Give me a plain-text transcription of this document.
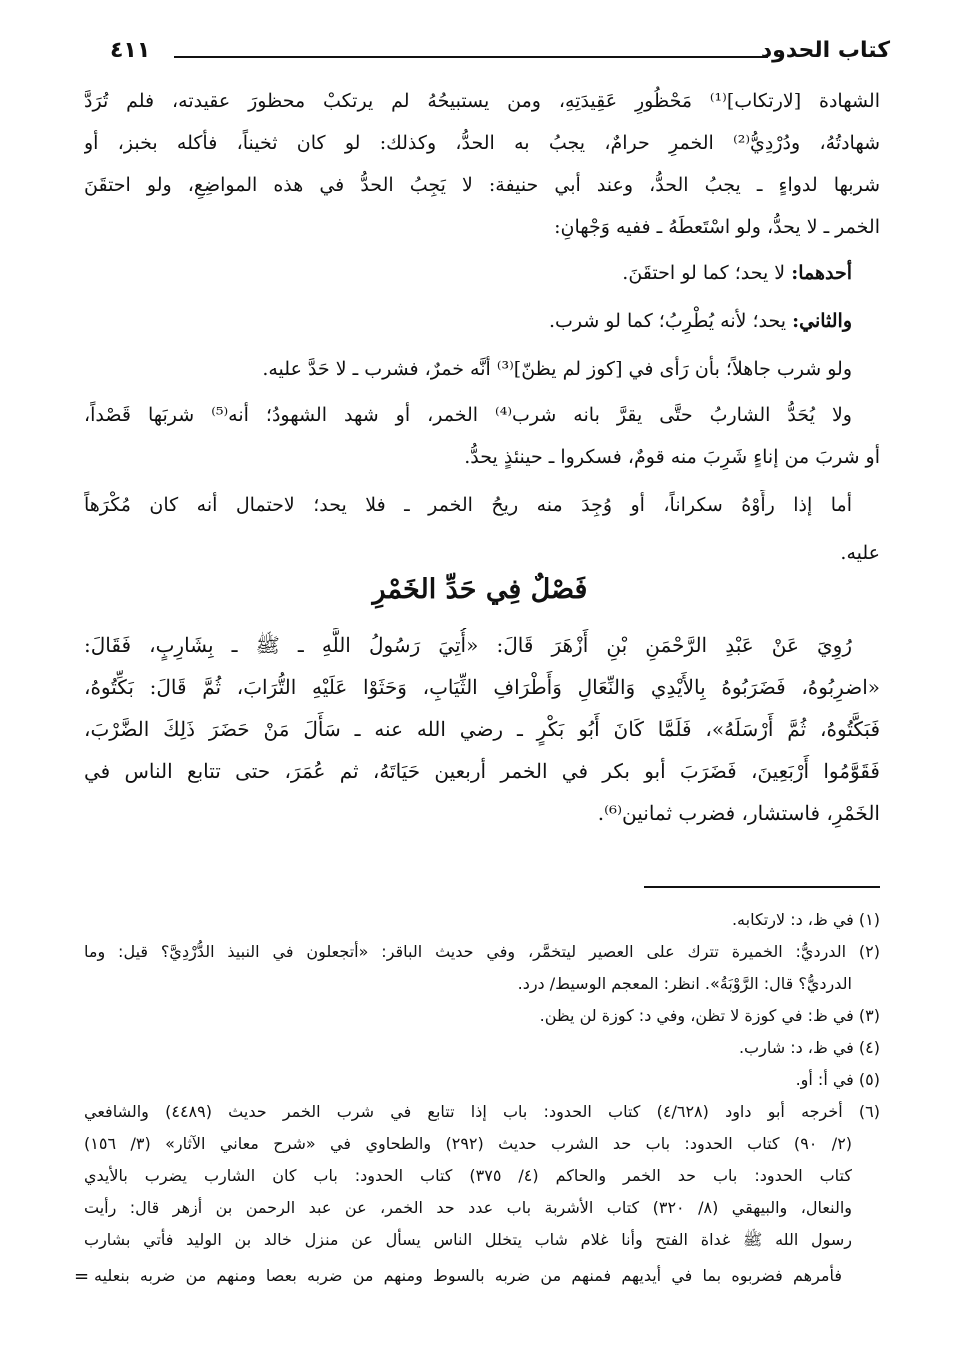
كتاب الحدود
٤١١
الشهادة [لارتكاب]⁽¹⁾ مَحْظُورِ عَقِيدَتِهِ، ومن يستبيحُهُ لم يرتكبْ محظورَ عقيدته، فلم تُرَدَّ
شهادتُهُ، ودُرْدِيُّ⁽²⁾ الخمرِ حرامٌ، يجبُ به الحدُّ، وكذلك: لو كان ثخيناً، فأكله بخبز، أو
شربها لدواءٍ ـ يجبُ الحدُّ، وعند أبي حنيفة: لا يَجِبُ الحدُّ في هذه المواضِعِ، ولو احتقَنَ
الخمر ـ لا يحدُّ، ولو اسْتَعطَهُ ـ ففيه وَجْهانِ:
أحدهما: لا يحد؛ كما لو احتقَنَ.
والثاني: يحد؛ لأنه يُطْرِبُ؛ كما لو شرب.
ولو شرب جاهلاً؛ بأن رَأى في [كوز لم يظنّ]⁽³⁾ أنَّه خمرٌ، فشرب ـ لا حَدَّ عليه.
ولا يُحَدُّ الشاربُ حتَّى يقرَّ بانه شرب⁽⁴⁾ الخمر، أو شهد الشهودُ؛ أنه⁽⁵⁾ شربَها قَصْداً،
أو شربَ من إناءٍ شَرِبَ منه قومٌ، فسكروا ـ حينئذٍ يحدُّ.
أما إذا رأَوْهُ سكراناً، أو وُجِدَ منه ريحُ الخمر ـ فلا يحد؛ لاحتمال أنه كان مُكْرَهاً
عليه.
فَصْلٌ فِي حَدِّ الخَمْرِ
رُوِيَ عَنْ عَبْدِ الرَّحْمَنِ بْنِ أَزْهَرَ قَالَ: «أُتِيَ رَسُولُ اللَّهِ ـ ﷺ ـ بِشَارِبٍ، فَقَالَ:
«اضرِبُوهُ، فَضَرَبُوهُ بِالأَيْدِي وَالنِّعَالِ وَأَطْرَافِ الثِّيَابِ، وَحَثَوْا عَلَيْهِ التُّرَابَ، ثُمَّ قَالَ: بَكِّتُوهُ،
فَبَكَّتُوهُ، ثُمَّ أَرْسَلَهُ»، فَلَمَّا كَانَ أَبُو بَكْرٍ ـ رضي الله عنه ـ سَأَلَ مَنْ حَضَرَ ذَلِكَ الضَّرْبَ،
فَقَوَّمُوا أَرْبَعِينَ، فَضَرَبَ أبو بكر في الخمر أربعين حَيَاتَهُ، ثم عُمَرَ، حتى تتابع الناس في
الخَمْرِ، فاستشار، فضرب ثمانين⁽⁶⁾.
(١) في ظ، د: لارتكابه.
(٢) الدرديُّ: الخميرة تترك على العصير ليتخمَّر، وفي حديث الباقر: «أتجعلون في النبيذ الدُّرْدِيَّ؟ قيل: وما
الدرديُّ؟ قال: الرَّوْبَةُ». انظر: المعجم الوسيط/ درد.
(٣) في ظ: في كوزة لا تظن، وفي د: كوزة لن يظن.
(٤) في ظ، د: شارب.
(٥) في أ: أو.
(٦) أخرجه أبو داود (٤/٦٢٨) كتاب الحدود: باب إذا تتابع في شرب الخمر حديث (٤٤٨٩) والشافعي
(٢/ ٩٠) كتاب الحدود: باب حد الشرب حديث (٢٩٢) والطحاوي في «شرح معاني الآثار» (٣/ ١٥٦)
كتاب الحدود: باب حد الخمر والحاكم (٤/ ٣٧٥) كتاب الحدود: باب كان الشارب يضرب بالأيدي
والنعال، والبيهقي (٨/ ٣٢٠) كتاب الأشربة باب عدد حد الخمر، عن عبد الرحمن بن أزهر قال: رأيت
رسول الله ﷺ غداة الفتح وأنا غلام شاب يتخلل الناس يسأل عن منزل خالد بن الوليد فأتي بشارب
فأمرهم فضربوه بما في أيديهم فمنهم من ضربه بالسوط ومنهم من ضربه بعصا ومنهم من ضربه بنعليه
=
